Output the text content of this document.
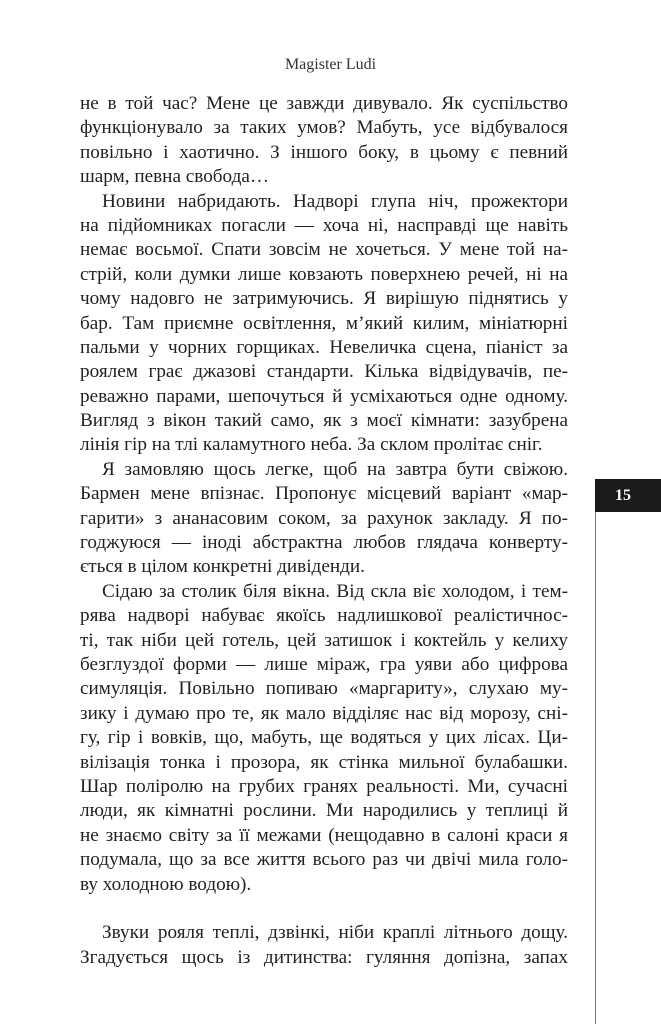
Magister Ludi
не в той час? Мене це завжди дивувало. Як суспільство
функціонувало за таких умов? Мабуть, усе відбувалося
повільно і хаотично. З іншого боку, в цьому є певний
шарм, певна свобода…
Новини набридають. Надворі глупа ніч, прожектори
на підйомниках погасли — хоча ні, насправді ще навіть
немає восьмої. Спати зовсім не хочеться. У мене той на-
стрій, коли думки лише ковзають поверхнею речей, ні на
чому надовго не затримуючись. Я вирішую піднятись у
бар. Там приємне освітлення, м’який килим, мініатюрні
пальми у чорних горщиках. Невеличка сцена, піаніст за
роялем грає джазові стандарти. Кілька відвідувачів, пе-
реважно парами, шепочуться й усміхаються одне одному.
Вигляд з вікон такий само, як з моєї кімнати: зазубрена
лінія гір на тлі каламутного неба. За склом пролітає сніг.
Я замовляю щось легке, щоб на завтра бути свіжою.
Бармен мене впізнає. Пропонує місцевий варіант «мар-
гарити» з ананасовим соком, за рахунок закладу. Я по-
годжуюся — іноді абстрактна любов глядача конверту-
ється в цілом конкретні дивіденди.
Сідаю за столик біля вікна. Від скла віє холодом, і тем-
рява надворі набуває якоїсь надлишкової реалістичнос-
ті, так ніби цей готель, цей затишок і коктейль у келиху
безглуздої форми — лише міраж, гра уяви або цифрова
симуляція. Повільно попиваю «маргариту», слухаю му-
зику і думаю про те, як мало відділяє нас від морозу, сні-
гу, гір і вовків, що, мабуть, ще водяться у цих лісах. Ци-
вілізація тонка і прозора, як стінка мильної булабашки.
Шар поліролю на грубих гранях реальності. Ми, сучасні
люди, як кімнатні рослини. Ми народились у теплиці й
не знаємо світу за її межами (нещодавно в салоні краси я
подумала, що за все життя всього раз чи двічі мила голо-
ву холодною водою).
Звуки рояля теплі, дзвінкі, ніби краплі літнього дощу.
Згадується щось із дитинства: гуляння допізна, запах
15
